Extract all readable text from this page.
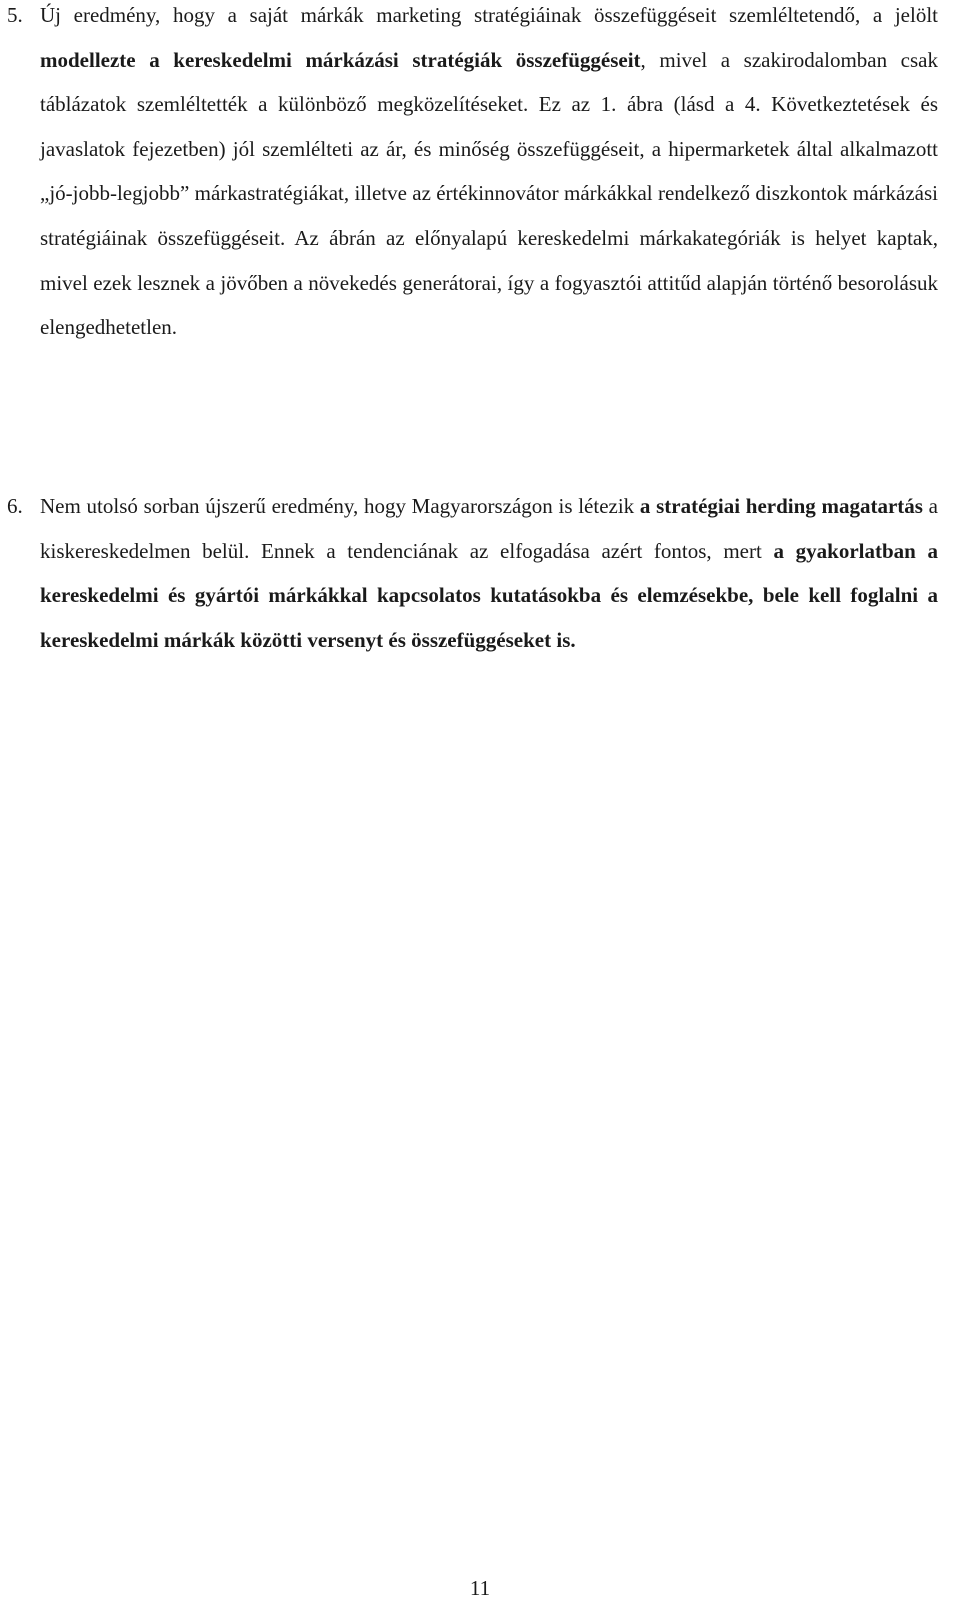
5. Új eredmény, hogy a saját márkák marketing stratégiáinak összefüggéseit szemléltetendő, a jelölt modellezte a kereskedelmi márkázási stratégiák összefüggéseit, mivel a szakirodalomban csak táblázatok szemléltették a különböző megközelítéseket. Ez az 1. ábra (lásd a 4. Következtetések és javaslatok fejezetben) jól szemlélteti az ár, és minőség összefüggéseit, a hipermarketek által alkalmazott „jó-jobb-legjobb” márkastratégiákat, illetve az értékinnovátor márkákkal rendelkező diszkontok márkázási stratégiáinak összefüggéseit. Az ábrán az előnyalapú kereskedelmi márkakategóriák is helyet kaptak, mivel ezek lesznek a jövőben a növekedés generátorai, így a fogyasztói attitűd alapján történő besorolásuk elengedhetetlen.
6. Nem utolsó sorban újszerű eredmény, hogy Magyarországon is létezik a stratégiai herding magatartás a kiskereskedelmen belül. Ennek a tendenciának az elfogadása azért fontos, mert a gyakorlatban a kereskedelmi és gyártói márkákkal kapcsolatos kutatásokba és elemzésekbe, bele kell foglalni a kereskedelmi márkák közötti versenyt és összefüggéseket is.
11
